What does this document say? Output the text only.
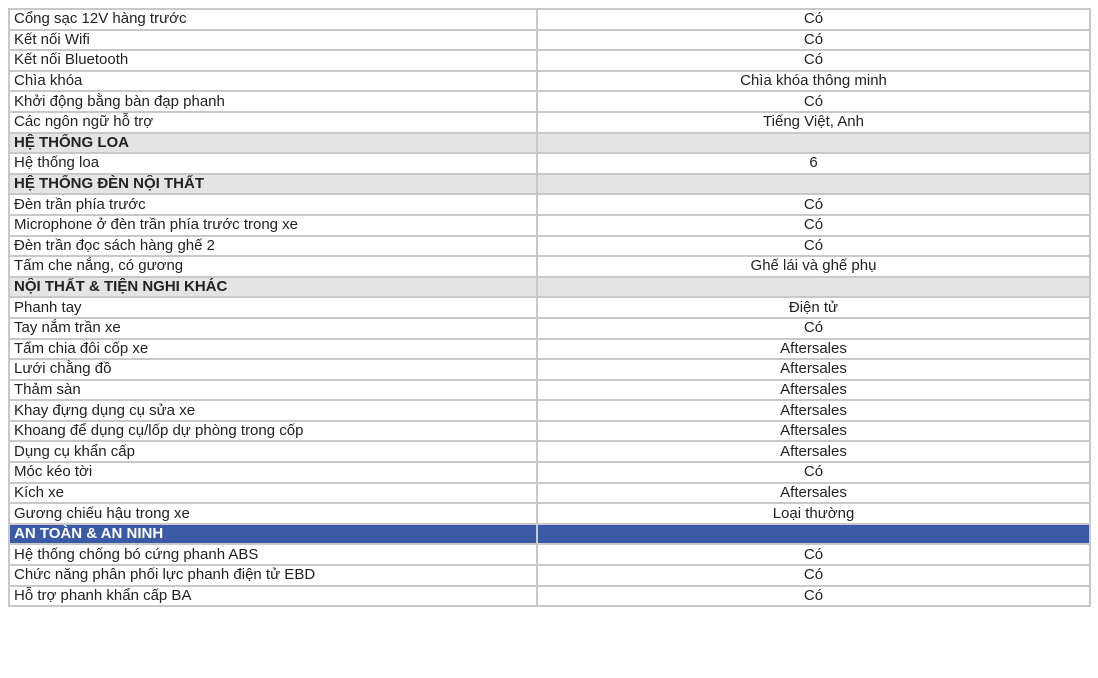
Cổng sạc 12V hàng trước	Có
Kết nối Wifi	Có
Kết nối Bluetooth	Có
Chìa khóa	Chìa khóa thông minh
Khởi động bằng bàn đạp phanh	Có
Các ngôn ngữ hỗ trợ	Tiếng Việt, Anh
HỆ THỐNG LOA	
Hệ thống loa	6
HỆ THỐNG ĐÈN NỘI THẤT	
Đèn trần phía trước	Có
Microphone ở đèn trần phía trước trong xe	Có
Đèn trần đọc sách hàng ghế 2	Có
Tấm che nắng, có gương	Ghế lái và ghế phụ
NỘI THẤT & TIỆN NGHI KHÁC	
Phanh tay	Điện tử
Tay nắm trần xe	Có
Tấm chia đôi cốp xe	Aftersales
Lưới chằng đồ	Aftersales
Thảm sàn	Aftersales
Khay đựng dụng cụ sửa xe	Aftersales
Khoang để dụng cụ/lốp dự phòng trong cốp	Aftersales
Dụng cụ khẩn cấp	Aftersales
Móc kéo tời	Có
Kích xe	Aftersales
Gương chiếu hậu trong xe	Loại thường
AN TOÀN & AN NINH	
Hệ thống chống bó cứng phanh ABS	Có
Chức năng phân phối lực phanh điện tử EBD	Có
Hỗ trợ phanh khẩn cấp BA	Có
